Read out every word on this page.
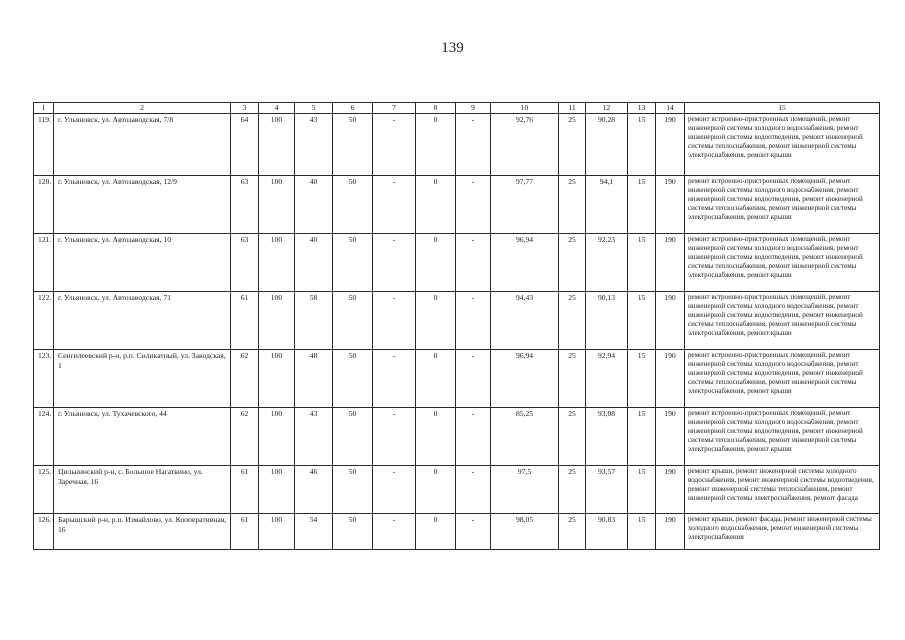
139
1	2	3	4	5	6	7	8	9	10	11	12	13	14	15
119.	г. Ульяновск, ул. Автозаводская, 7/8	64	100	43	50	-	0	-	92,76	25	90,28	15	190	ремонт встроенно-пристроенных помещений, ремонт инженерной системы холодного водоснабжения, ремонт инженерной системы водоотведения, ремонт инженерной системы теплоснабжения, ремонт инженерной системы электроснабжения, ремонт крыши
120.	г. Ульяновск, ул. Автозаводская, 12/9	63	100	40	50	-	0	-	97,77	25	94,1	15	190	ремонт встроенно-пристроенных помещений, ремонт инженерной системы холодного водоснабжения, ремонт инженерной системы водоотведения, ремонт инженерной системы теплоснабжения, ремонт инженерной системы электроснабжения, ремонт крыши
121.	г. Ульяновск, ул. Автозаводская, 10	63	100	40	50	-	0	-	96,94	25	92,23	15	190	ремонт встроенно-пристроенных помещений, ремонт инженерной системы холодного водоснабжения, ремонт инженерной системы водоотведения, ремонт инженерной системы теплоснабжения, ремонт инженерной системы электроснабжения, ремонт крыши
122.	г. Ульяновск, ул. Автозаводская, 71	61	100	58	50	-	0	-	94,43	25	90,13	15	190	ремонт встроенно-пристроенных помещений, ремонт инженерной системы холодного водоснабжения, ремонт инженерной системы водоотведения, ремонт инженерной системы теплоснабжения, ремонт инженерной системы электроснабжения, ремонт крыши
123.	Сенгилеевский р-н, р.п. Силикатный, ул. Заводская, 1	62	100	48	50	-	0	-	96,94	25	92,94	15	190	ремонт встроенно-пристроенных помещений, ремонт инженерной системы холодного водоснабжения, ремонт инженерной системы водоотведения, ремонт инженерной системы теплоснабжения, ремонт инженерной системы электроснабжения, ремонт крыши
124.	г. Ульяновск, ул. Тухачевского, 44	62	100	43	50	-	0	-	85,25	25	93,08	15	190	ремонт встроенно-пристроенных помещений, ремонт инженерной системы холодного водоснабжения, ремонт инженерной системы водоотведения, ремонт инженерной системы теплоснабжения, ремонт инженерной системы электроснабжения, ремонт крыши
125.	Цильнинский р-н, с. Большое Нагаткино, ул. Заречная, 16	61	100	46	50	-	0	-	97,5	25	93,57	15	190	ремонт крыши, ремонт инженерной системы холодного водоснабжения, ремонт инженерной системы водоотведения, ремонт инженерной системы теплоснабжения, ремонт инженерной системы электроснабжения, ремонт фасада
126.	Барышский р-н, р.п. Измайлово, ул. Кооперативная, 16	61	100	54	50	-	0	-	98,05	25	90,83	15	190	ремонт крыши, ремонт фасада, ремонт инженерной системы холодного водоснабжения, ремонт инженерной системы электроснабжения
